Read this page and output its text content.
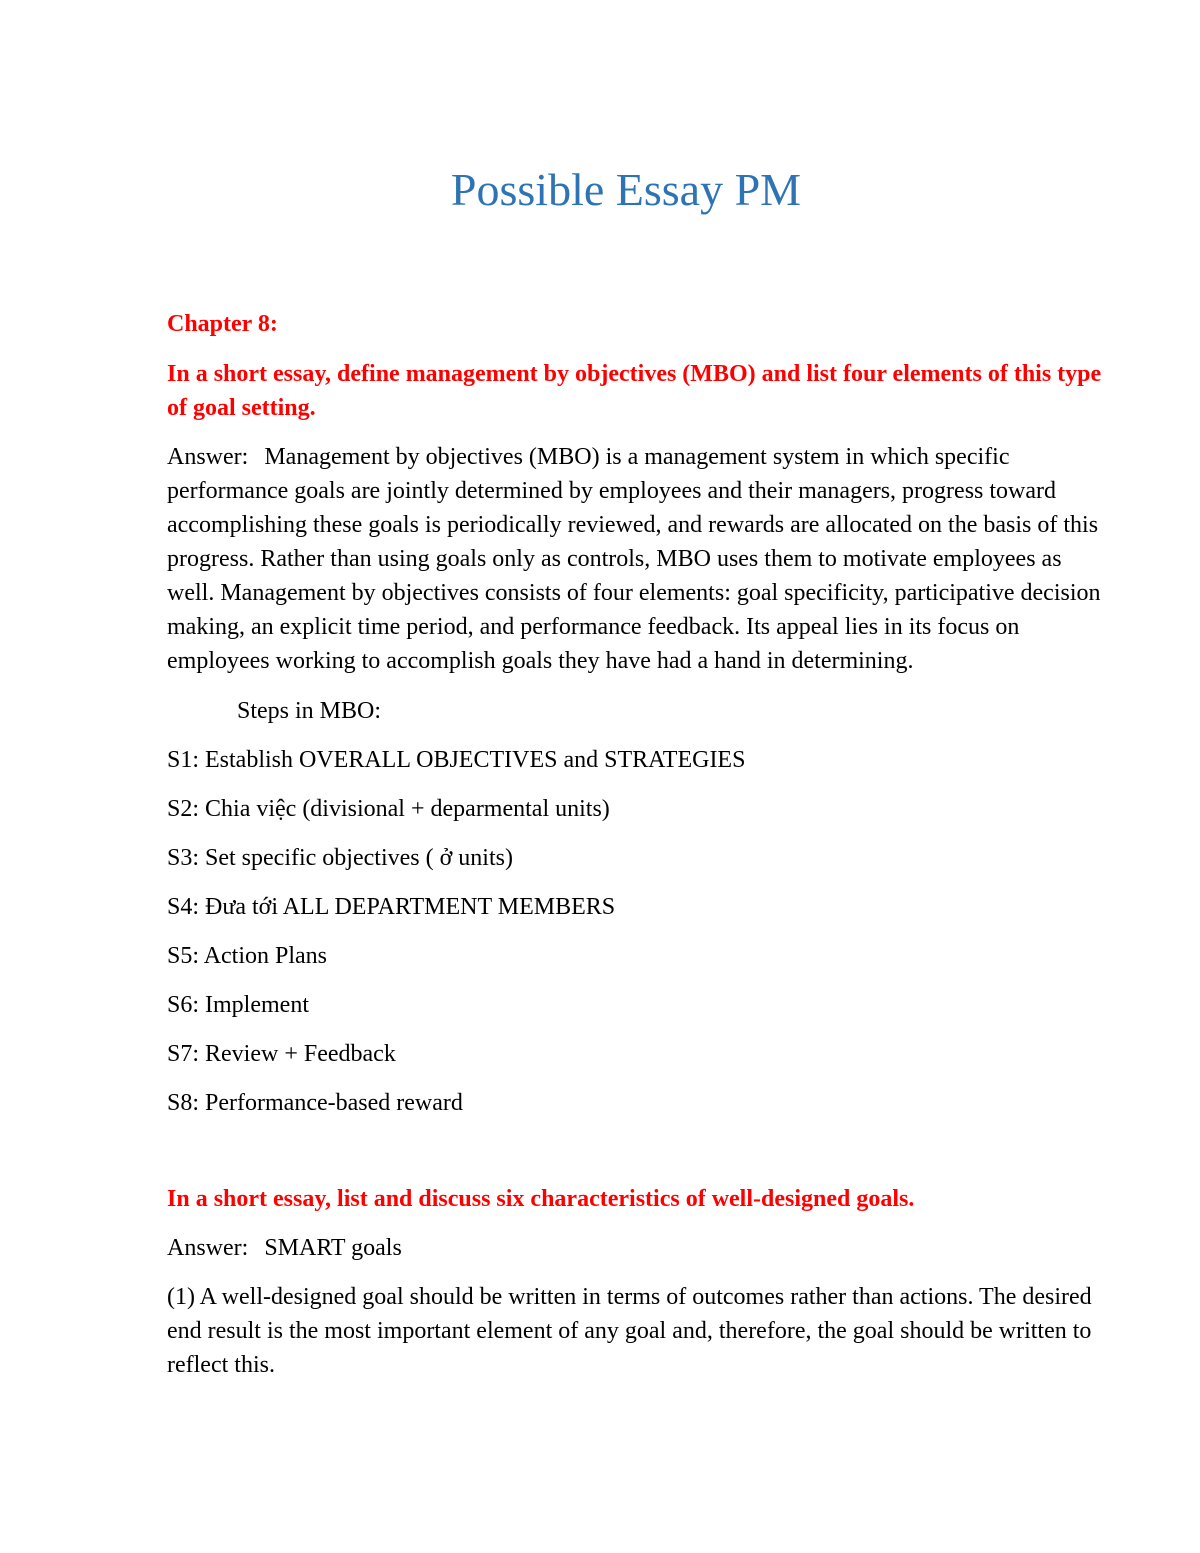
Possible Essay PM

Chapter 8:

In a short essay, define management by objectives (MBO) and list four elements of this type of goal setting.

Answer: Management by objectives (MBO) is a management system in which specific performance goals are jointly determined by employees and their managers, progress toward accomplishing these goals is periodically reviewed, and rewards are allocated on the basis of this progress. Rather than using goals only as controls, MBO uses them to motivate employees as well. Management by objectives consists of four elements: goal specificity, participative decision making, an explicit time period, and performance feedback. Its appeal lies in its focus on employees working to accomplish goals they have had a hand in determining.

Steps in MBO:

S1: Establish OVERALL OBJECTIVES and STRATEGIES

S2: Chia việc (divisional + deparmental units)

S3: Set specific objectives ( ở units)

S4: Đưa tới ALL DEPARTMENT MEMBERS

S5: Action Plans

S6: Implement

S7: Review + Feedback

S8: Performance-based reward

In a short essay, list and discuss six characteristics of well-designed goals.

Answer: SMART goals

(1) A well-designed goal should be written in terms of outcomes rather than actions. The desired end result is the most important element of any goal and, therefore, the goal should be written to reflect this.
